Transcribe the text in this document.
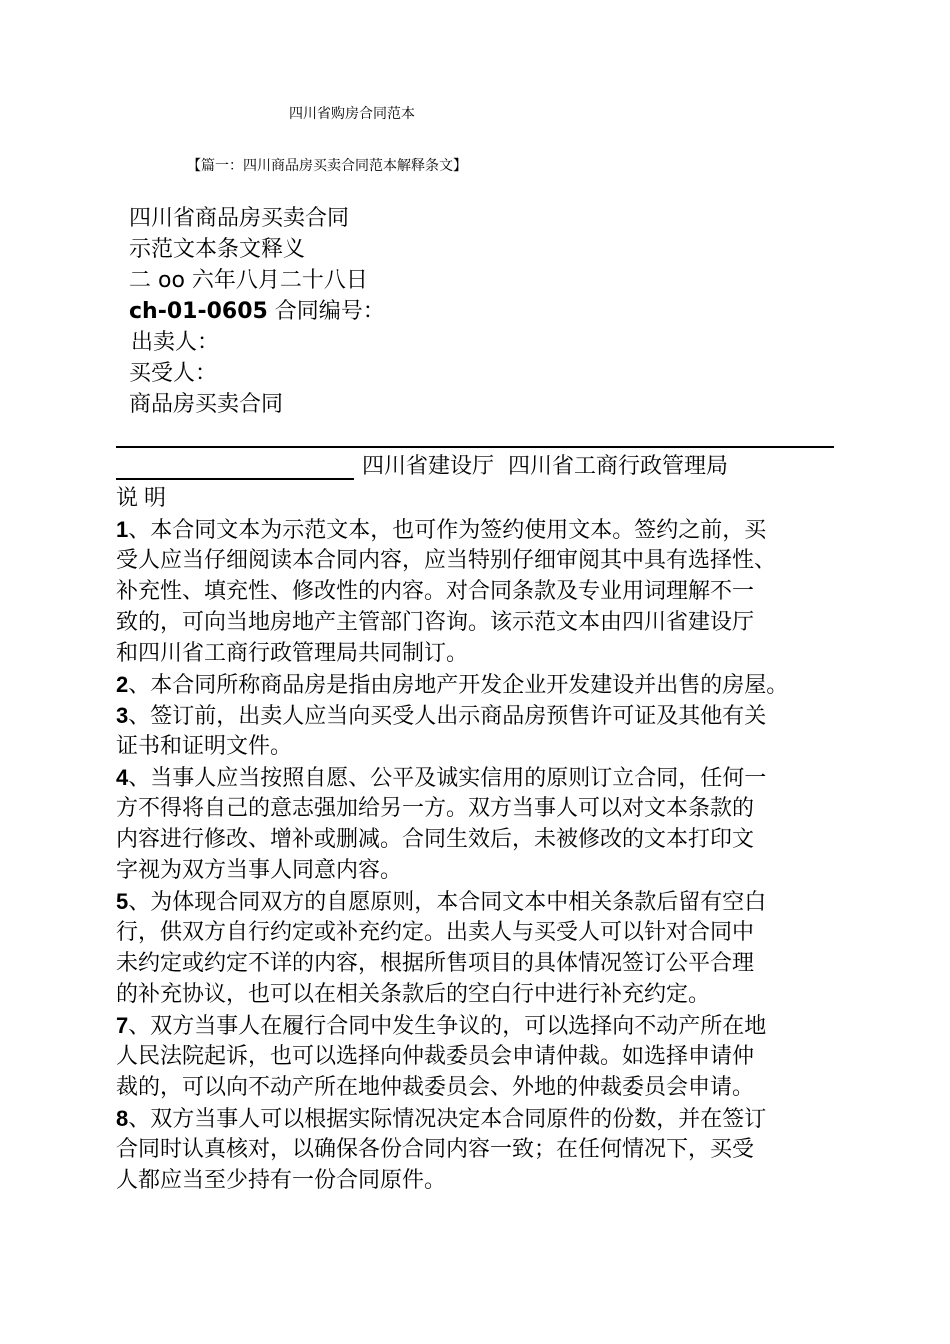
四川省购房合同范本
【篇一：四川商品房买卖合同范本解释条文】
四川省商品房买卖合同
示范文本条文释义
二 oo 六年八月二十八日
ch-01-0605 合同编号：
出卖人：
买受人：
商品房买卖合同
四川省建设厅 四川省工商行政管理局
说明
1、本合同文本为示范文本，也可作为签约使用文本。签约之前，买
受人应当仔细阅读本合同内容，应当特别仔细审阅其中具有选择性、
补充性、填充性、修改性的内容。对合同条款及专业用词理解不一
致的，可向当地房地产主管部门咨询。该示范文本由四川省建设厅
和四川省工商行政管理局共同制订。
2、本合同所称商品房是指由房地产开发企业开发建设并出售的房屋。
3、签订前，出卖人应当向买受人出示商品房预售许可证及其他有关
证书和证明文件。
4、当事人应当按照自愿、公平及诚实信用的原则订立合同，任何一
方不得将自己的意志强加给另一方。双方当事人可以对文本条款的
内容进行修改、增补或删减。合同生效后，未被修改的文本打印文
字视为双方当事人同意内容。
5、为体现合同双方的自愿原则，本合同文本中相关条款后留有空白
行，供双方自行约定或补充约定。出卖人与买受人可以针对合同中
未约定或约定不详的内容，根据所售项目的具体情况签订公平合理
的补充协议，也可以在相关条款后的空白行中进行补充约定。
7、双方当事人在履行合同中发生争议的，可以选择向不动产所在地
人民法院起诉，也可以选择向仲裁委员会申请仲裁。如选择申请仲
裁的，可以向不动产所在地仲裁委员会、外地的仲裁委员会申请。
8、双方当事人可以根据实际情况决定本合同原件的份数，并在签订
合同时认真核对，以确保各份合同内容一致；在任何情况下，买受
人都应当至少持有一份合同原件。
